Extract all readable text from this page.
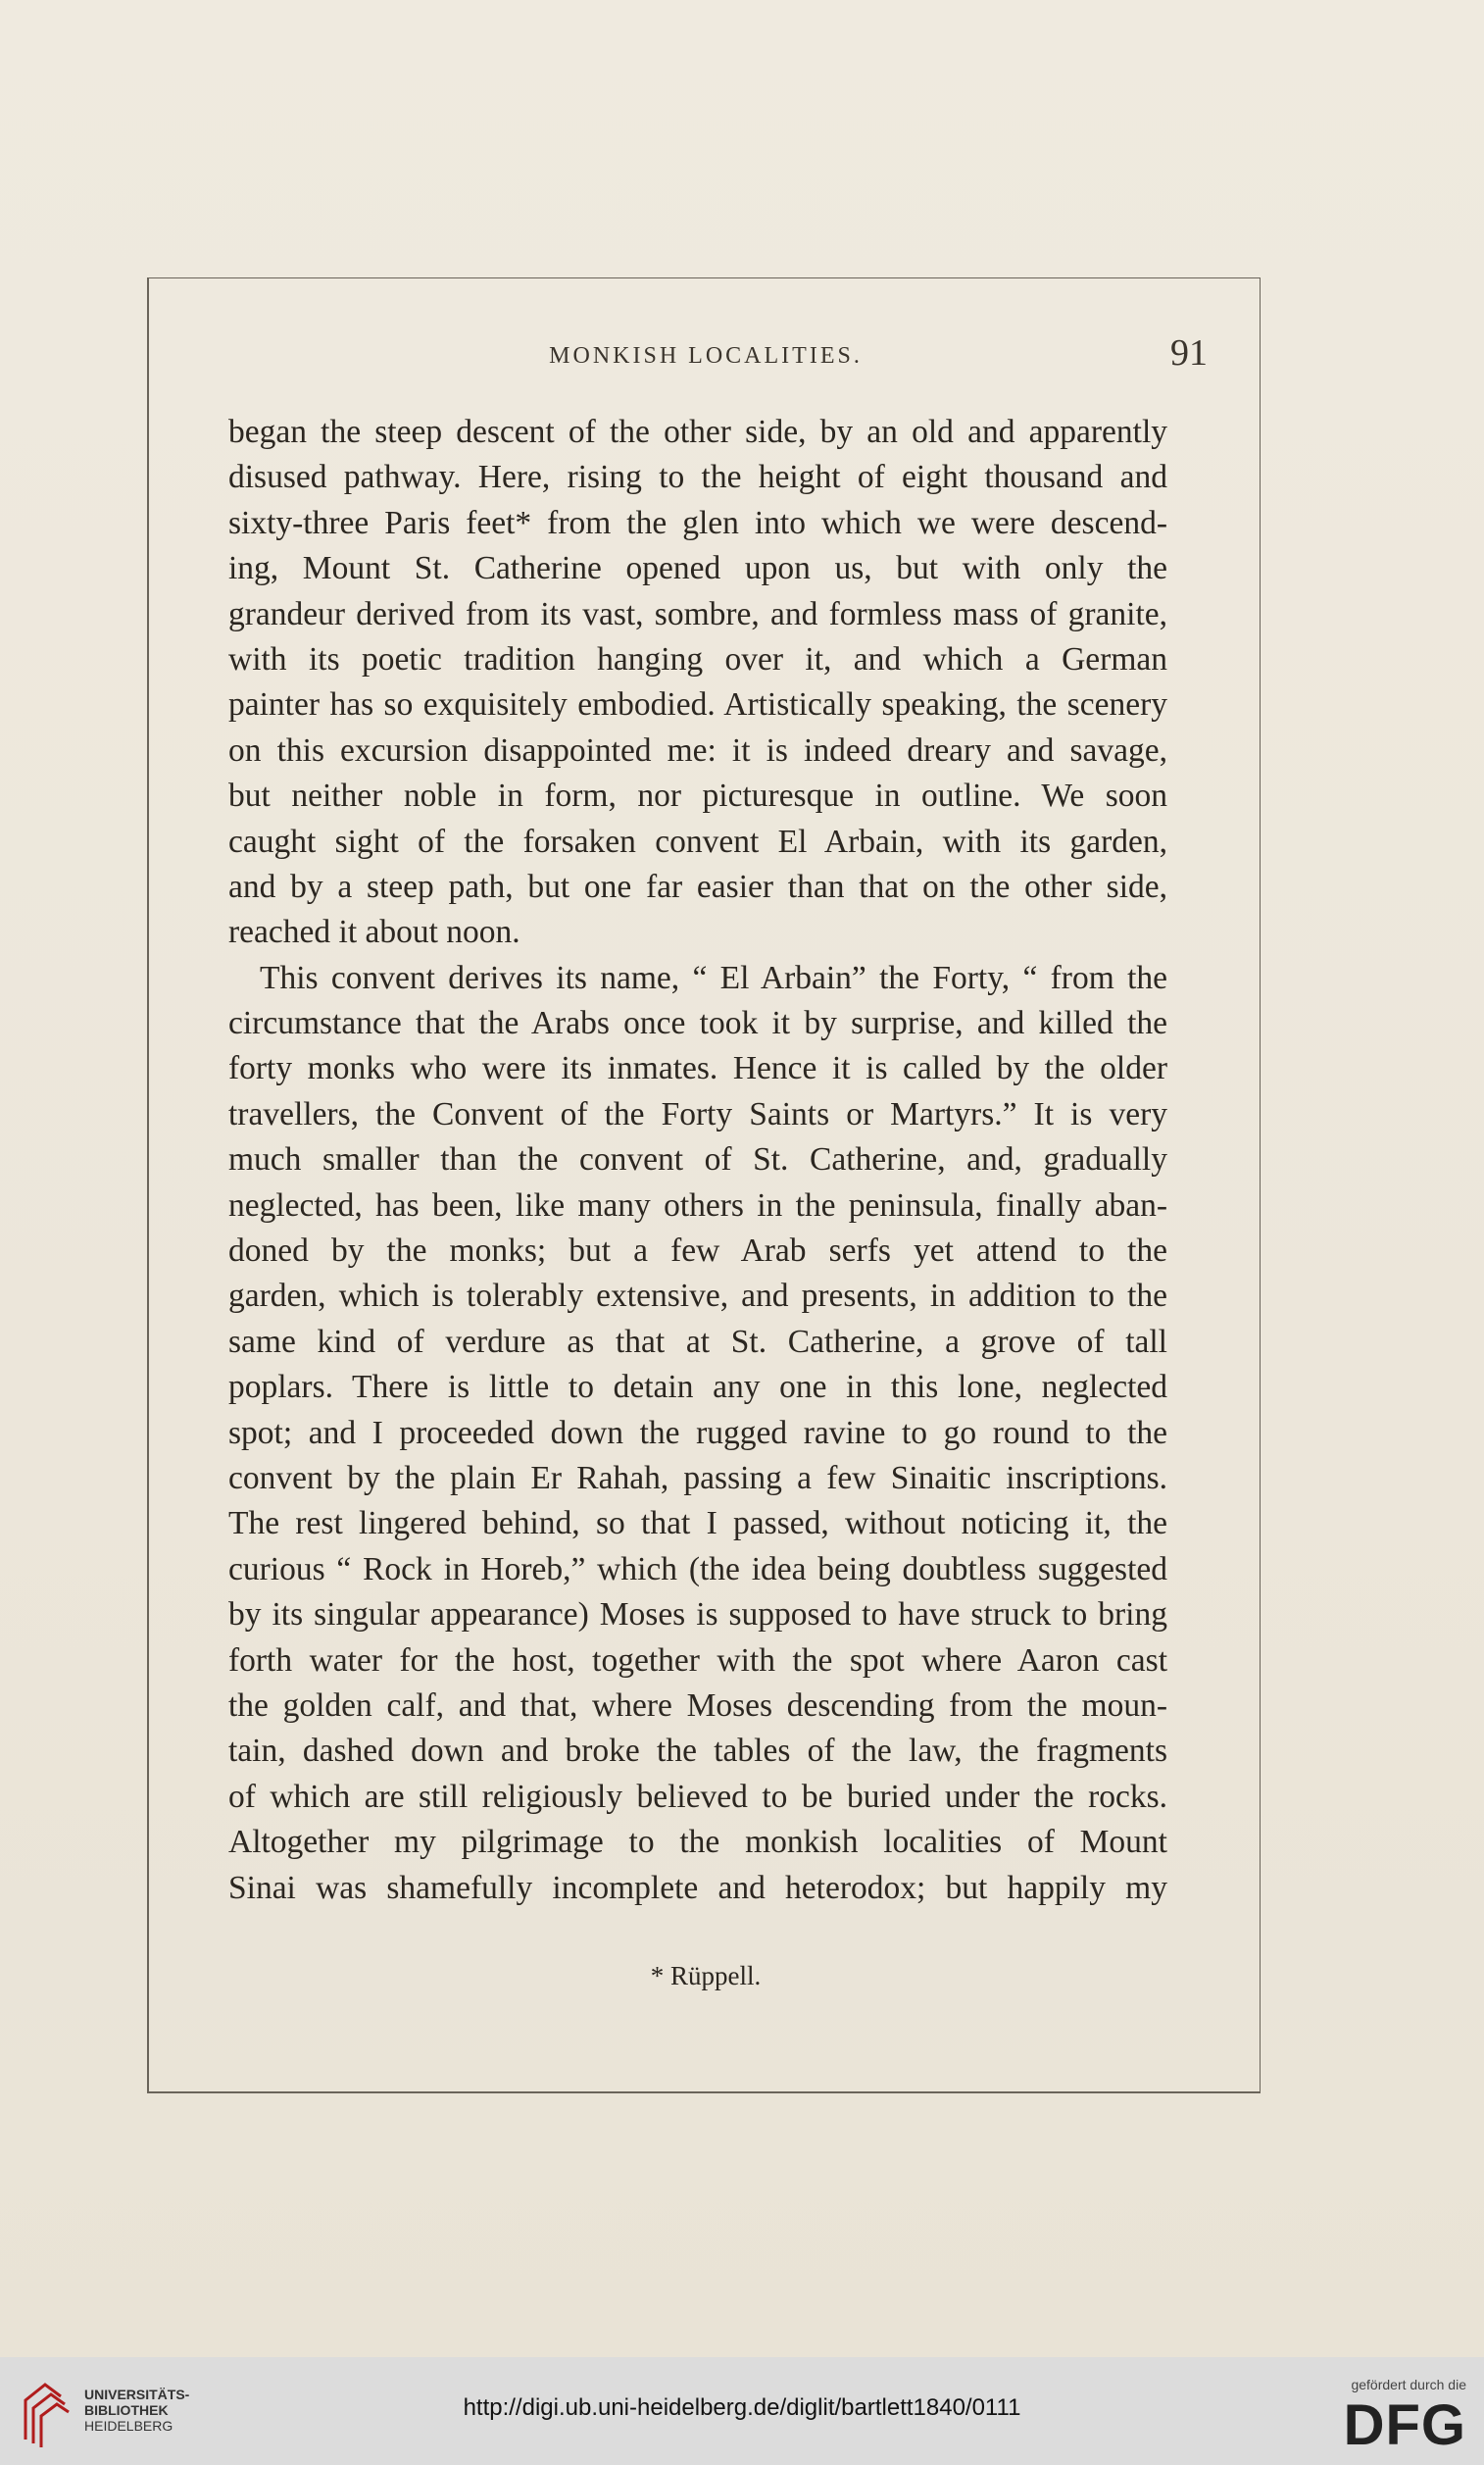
MONKISH LOCALITIES.	91
began the steep descent of the other side, by an old and apparently
disused pathway. Here, rising to the height of eight thousand and
sixty-three Paris feet* from the glen into which we were descend-
ing, Mount St. Catherine opened upon us, but with only the
grandeur derived from its vast, sombre, and formless mass of granite,
with its poetic tradition hanging over it, and which a German
painter has so exquisitely embodied. Artistically speaking, the scenery
on this excursion disappointed me: it is indeed dreary and savage,
but neither noble in form, nor picturesque in outline. We soon
caught sight of the forsaken convent El Arbain, with its garden,
and by a steep path, but one far easier than that on the other side,
reached it about noon.
This convent derives its name, “ El Arbain” the Forty, “ from the
circumstance that the Arabs once took it by surprise, and killed the
forty monks who were its inmates. Hence it is called by the older
travellers, the Convent of the Forty Saints or Martyrs.” It is very
much smaller than the convent of St. Catherine, and, gradually
neglected, has been, like many others in the peninsula, finally aban-
doned by the monks; but a few Arab serfs yet attend to the
garden, which is tolerably extensive, and presents, in addition to the
same kind of verdure as that at St. Catherine, a grove of tall
poplars. There is little to detain any one in this lone, neglected
spot; and I proceeded down the rugged ravine to go round to the
convent by the plain Er Rahah, passing a few Sinaitic inscriptions.
The rest lingered behind, so that I passed, without noticing it, the
curious “ Rock in Horeb,” which (the idea being doubtless suggested
by its singular appearance) Moses is supposed to have struck to bring
forth water for the host, together with the spot where Aaron cast
the golden calf, and that, where Moses descending from the moun-
tain, dashed down and broke the tables of the law, the fragments
of which are still religiously believed to be buried under the rocks.
Altogether my pilgrimage to the monkish localities of Mount
Sinai was shamefully incomplete and heterodox; but happily my
* Rüppell.
UNIVERSITÄTS-
BIBLIOTHEK
HEIDELBERG
http://digi.ub.uni-heidelberg.de/diglit/bartlett1840/0111
gefördert durch die
DFG
